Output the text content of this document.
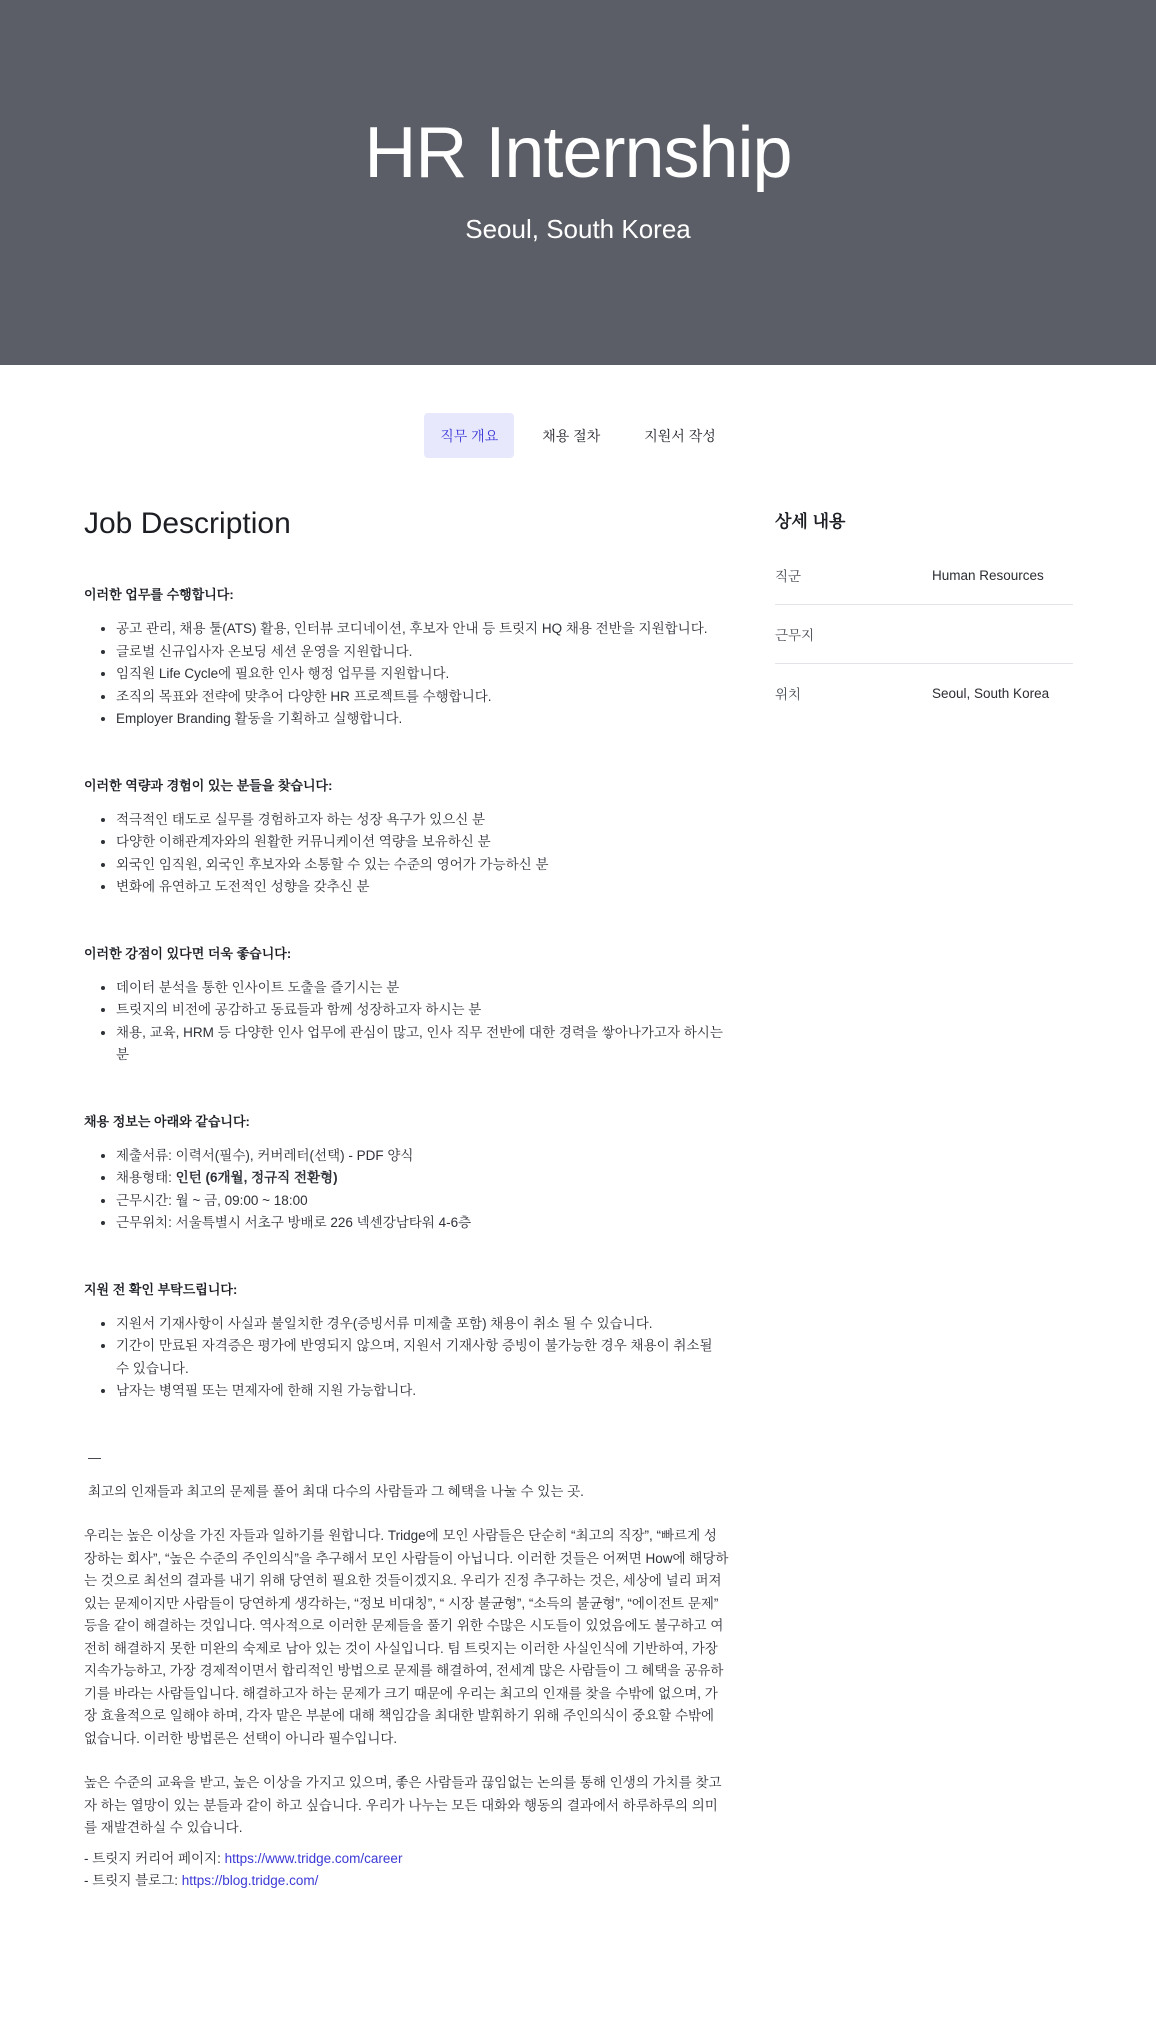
HR Internship
Seoul, South Korea
직무 개요	채용 절차	지원서 작성
Job Description
이러한 업무를 수행합니다:
• 공고 관리, 채용 툴(ATS) 활용, 인터뷰 코디네이션, 후보자 안내 등 트릿지 HQ 채용 전반을 지원합니다.
• 글로벌 신규입사자 온보딩 세션 운영을 지원합니다.
• 임직원 Life Cycle에 필요한 인사 행정 업무를 지원합니다.
• 조직의 목표와 전략에 맞추어 다양한 HR 프로젝트를 수행합니다.
• Employer Branding 활동을 기획하고 실행합니다.
이러한 역량과 경험이 있는 분들을 찾습니다:
• 적극적인 태도로 실무를 경험하고자 하는 성장 욕구가 있으신 분
• 다양한 이해관계자와의 원활한 커뮤니케이션 역량을 보유하신 분
• 외국인 임직원, 외국인 후보자와 소통할 수 있는 수준의 영어가 가능하신 분
• 변화에 유연하고 도전적인 성향을 갖추신 분
이러한 강점이 있다면 더욱 좋습니다:
• 데이터 분석을 통한 인사이트 도출을 즐기시는 분
• 트릿지의 비전에 공감하고 동료들과 함께 성장하고자 하시는 분
• 채용, 교육, HRM 등 다양한 인사 업무에 관심이 많고, 인사 직무 전반에 대한 경력을 쌓아나가고자 하시는 분
채용 정보는 아래와 같습니다:
• 제출서류: 이력서(필수), 커버레터(선택) - PDF 양식
• 채용형태: 인턴 (6개월, 정규직 전환형)
• 근무시간: 월 ~ 금, 09:00 ~ 18:00
• 근무위치: 서울특별시 서초구 방배로 226 넥센강남타워 4-6층
지원 전 확인 부탁드립니다:
• 지원서 기재사항이 사실과 불일치한 경우(증빙서류 미제출 포함) 채용이 취소 될 수 있습니다.
• 기간이 만료된 자격증은 평가에 반영되지 않으며, 지원서 기재사항 증빙이 불가능한 경우 채용이 취소될 수 있습니다.
• 남자는 병역필 또는 면제자에 한해 지원 가능합니다.
—

최고의 인재들과 최고의 문제를 풀어 최대 다수의 사람들과 그 혜택을 나눌 수 있는 곳.

우리는 높은 이상을 가진 자들과 일하기를 원합니다. Tridge에 모인 사람들은 단순히 “최고의 직장”, “빠르게 성장하는 회사”, “높은 수준의 주인의식”을 추구해서 모인 사람들이 아닙니다. 이러한 것들은 어쩌면 How에 해당하는 것으로 최선의 결과를 내기 위해 당연히 필요한 것들이겠지요. 우리가 진정 추구하는 것은, 세상에 널리 퍼져 있는 문제이지만 사람들이 당연하게 생각하는, “정보 비대칭”, “ 시장 불균형”, “소득의 불균형”, “에이전트 문제” 등을 같이 해결하는 것입니다. 역사적으로 이러한 문제들을 풀기 위한 수많은 시도들이 있었음에도 불구하고 여전히 해결하지 못한 미완의 숙제로 남아 있는 것이 사실입니다. 팀 트릿지는 이러한 사실인식에 기반하여, 가장 지속가능하고, 가장 경제적이면서 합리적인 방법으로 문제를 해결하여, 전세계 많은 사람들이 그 혜택을 공유하기를 바라는 사람들입니다. 해결하고자 하는 문제가 크기 때문에 우리는 최고의 인재를 찾을 수밖에 없으며, 가장 효율적으로 일해야 하며, 각자 맡은 부분에 대해 책임감을 최대한 발휘하기 위해 주인의식이 중요할 수밖에 없습니다. 이러한 방법론은 선택이 아니라 필수입니다.

높은 수준의 교육을 받고, 높은 이상을 가지고 있으며, 좋은 사람들과 끊임없는 논의를 통해 인생의 가치를 찾고자 하는 열망이 있는 분들과 같이 하고 싶습니다. 우리가 나누는 모든 대화와 행동의 결과에서 하루하루의 의미를 재발견하실 수 있습니다.

- 트릿지 커리어 페이지: https://www.tridge.com/career
- 트릿지 블로그: https://blog.tridge.com/
상세 내용
직군	Human Resources
근무지
위치	Seoul, South Korea
